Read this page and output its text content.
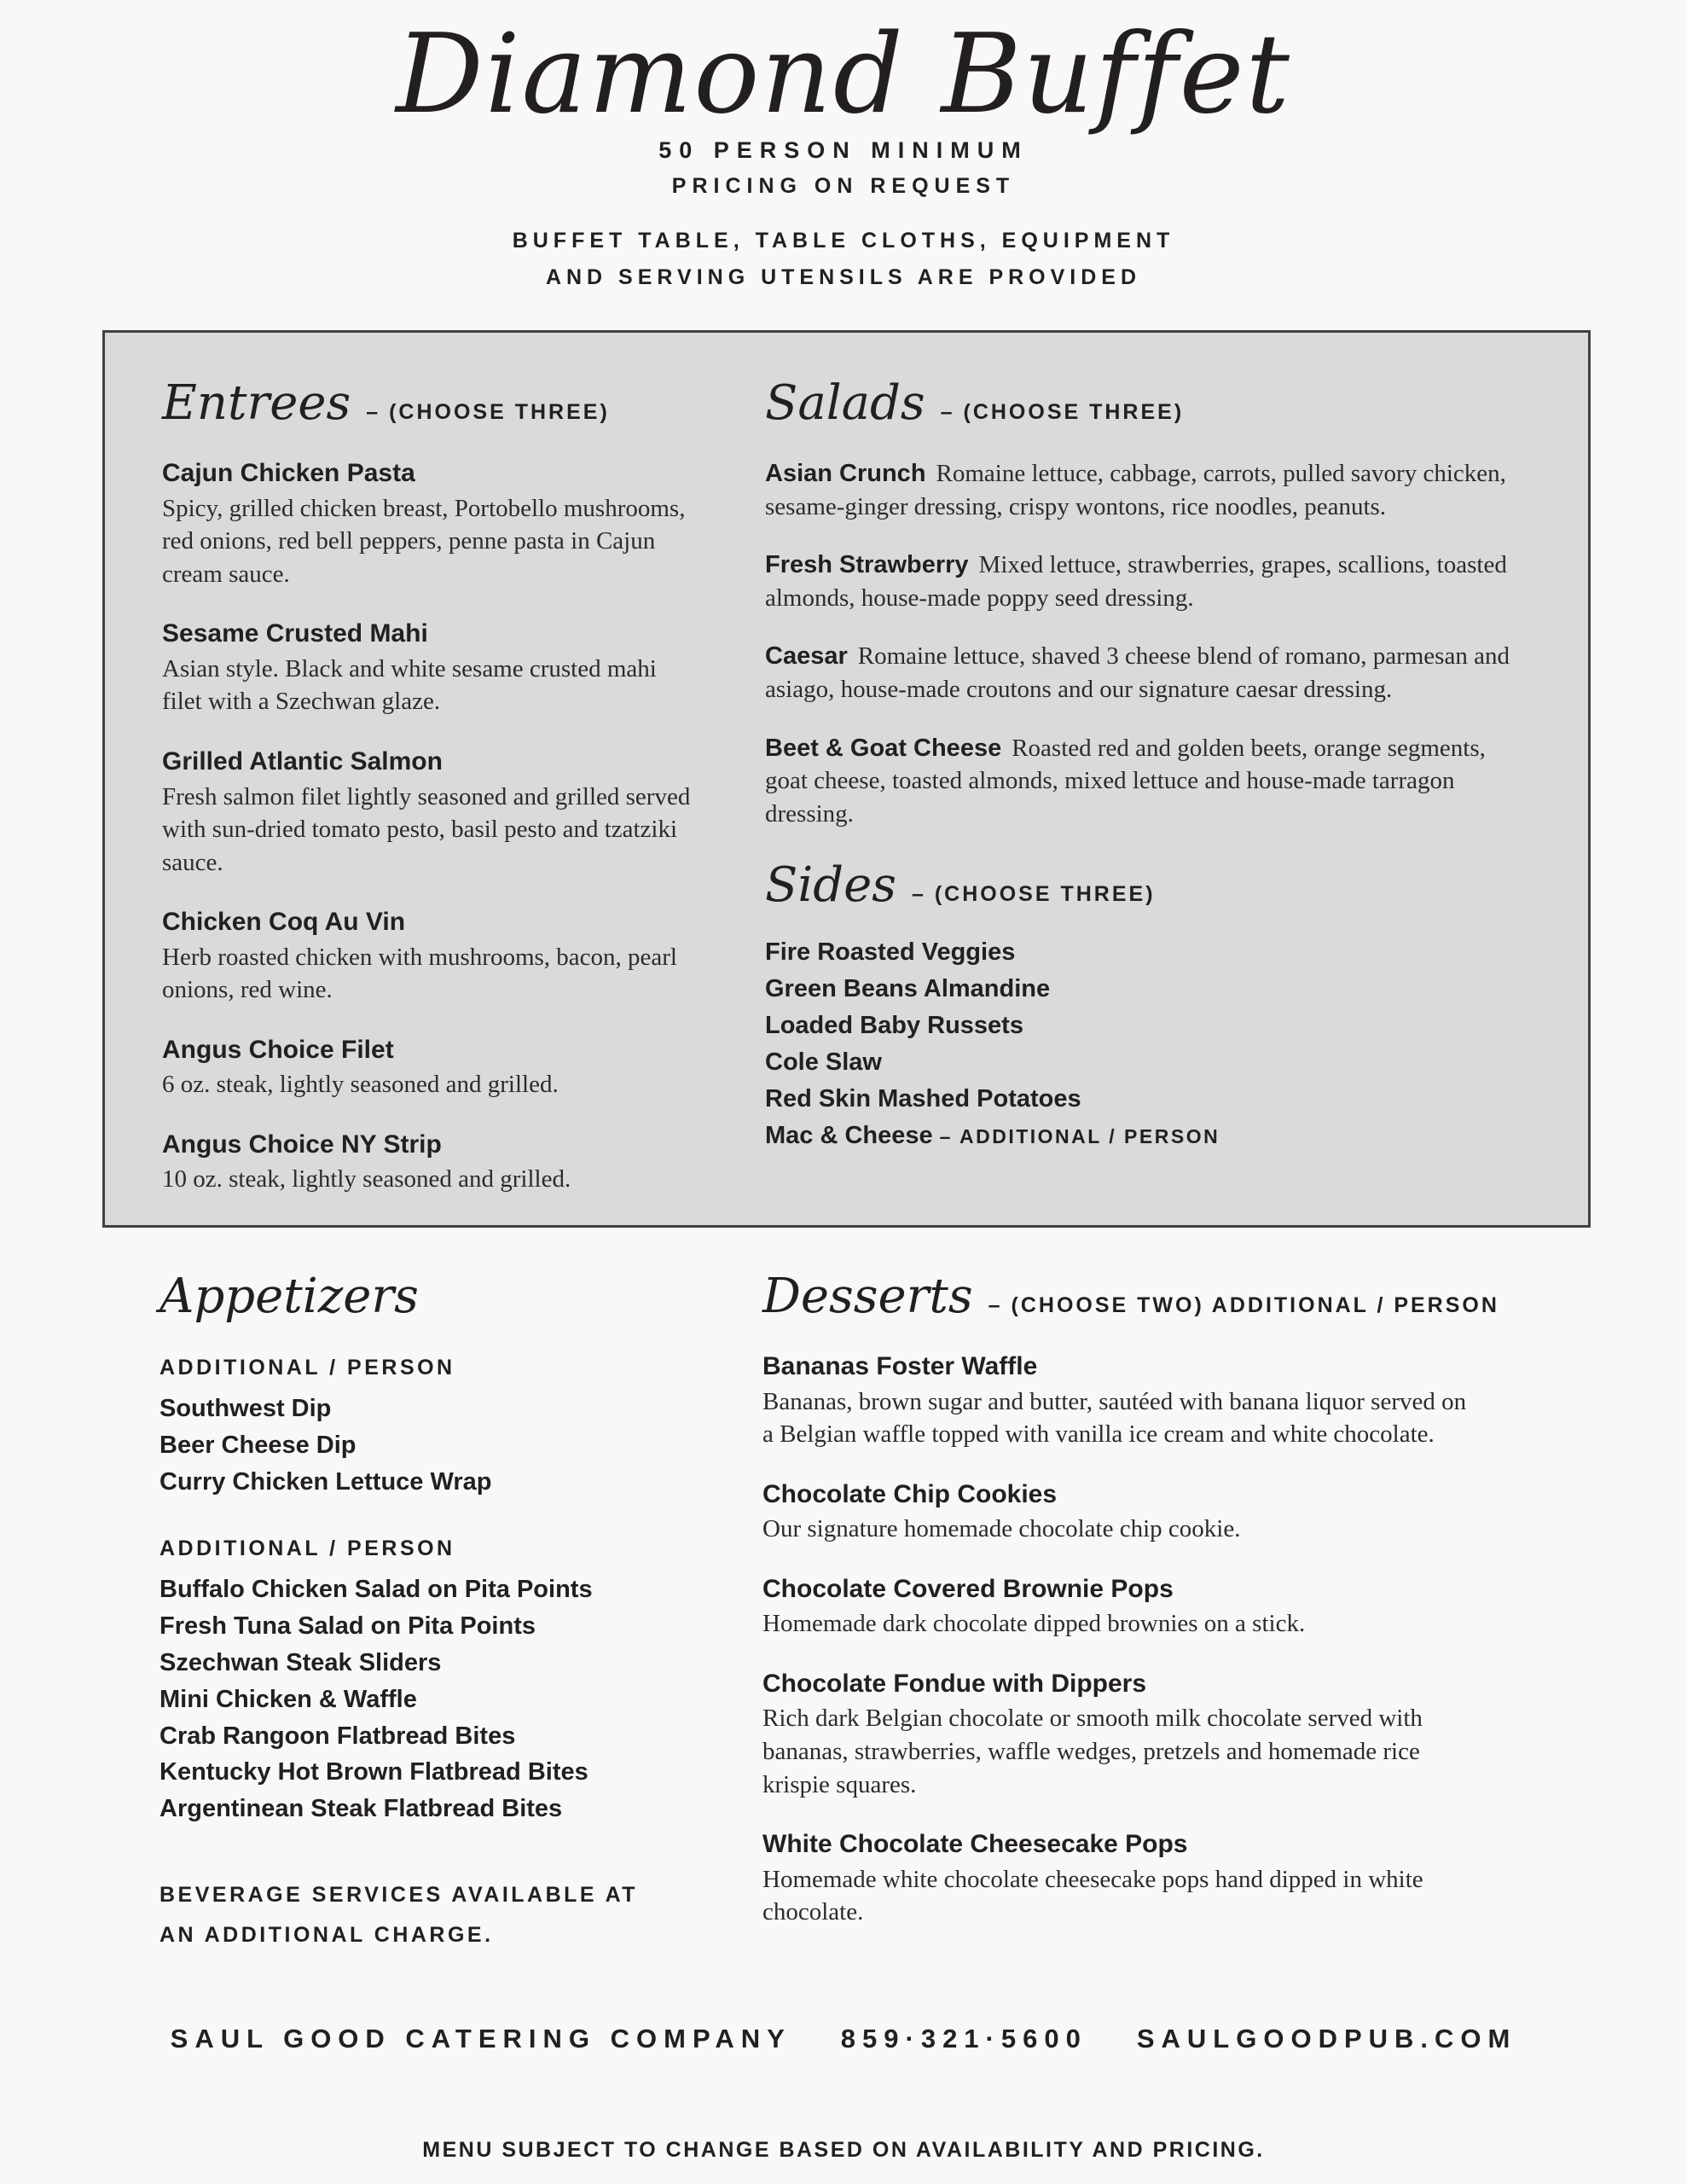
Diamond Buffet
50 PERSON MINIMUM
PRICING ON REQUEST
BUFFET TABLE, TABLE CLOTHS, EQUIPMENT
AND SERVING UTENSILS ARE PROVIDED
Entrees – (CHOOSE THREE)
Cajun Chicken Pasta
Spicy, grilled chicken breast, Portobello mushrooms, red onions, red bell peppers, penne pasta in Cajun cream sauce.
Sesame Crusted Mahi
Asian style. Black and white sesame crusted mahi filet with a Szechwan glaze.
Grilled Atlantic Salmon
Fresh salmon filet lightly seasoned and grilled served with sun-dried tomato pesto, basil pesto and tzatziki sauce.
Chicken Coq Au Vin
Herb roasted chicken with mushrooms, bacon, pearl onions, red wine.
Angus Choice Filet
6 oz. steak, lightly seasoned and grilled.
Angus Choice NY Strip
10 oz. steak, lightly seasoned and grilled.
Salads – (CHOOSE THREE)

Asian Crunch Romaine lettuce, cabbage, carrots, pulled savory chicken, sesame-ginger dressing, crispy wontons, rice noodles, peanuts.

Fresh Strawberry Mixed lettuce, strawberries, grapes, scallions, toasted almonds, house-made poppy seed dressing.

Caesar Romaine lettuce, shaved 3 cheese blend of romano, parmesan and asiago, house-made croutons and our signature caesar dressing.

Beet & Goat Cheese Roasted red and golden beets, orange segments, goat cheese, toasted almonds, mixed lettuce and house-made tarragon dressing.

Sides – (CHOOSE THREE)
Fire Roasted Veggies
Green Beans Almandine
Loaded Baby Russets
Cole Slaw
Red Skin Mashed Potatoes
Mac & Cheese – ADDITIONAL / PERSON
Appetizers
ADDITIONAL / PERSON
Southwest Dip
Beer Cheese Dip
Curry Chicken Lettuce Wrap
ADDITIONAL / PERSON
Buffalo Chicken Salad on Pita Points
Fresh Tuna Salad on Pita Points
Szechwan Steak Sliders
Mini Chicken & Waffle
Crab Rangoon Flatbread Bites
Kentucky Hot Brown Flatbread Bites
Argentinean Steak Flatbread Bites
BEVERAGE SERVICES AVAILABLE AT AN ADDITIONAL CHARGE.
Desserts – (CHOOSE TWO) ADDITIONAL / PERSON
Bananas Foster Waffle
Bananas, brown sugar and butter, sautéed with banana liquor served on a Belgian waffle topped with vanilla ice cream and white chocolate.
Chocolate Chip Cookies
Our signature homemade chocolate chip cookie.
Chocolate Covered Brownie Pops
Homemade dark chocolate dipped brownies on a stick.
Chocolate Fondue with Dippers
Rich dark Belgian chocolate or smooth milk chocolate served with bananas, strawberries, waffle wedges, pretzels and homemade rice krispie squares.
White Chocolate Cheesecake Pops
Homemade white chocolate cheesecake pops hand dipped in white chocolate.
SAUL GOOD CATERING COMPANY 859·321·5600 SAULGOODPUB.COM
MENU SUBJECT TO CHANGE BASED ON AVAILABILITY AND PRICING.
